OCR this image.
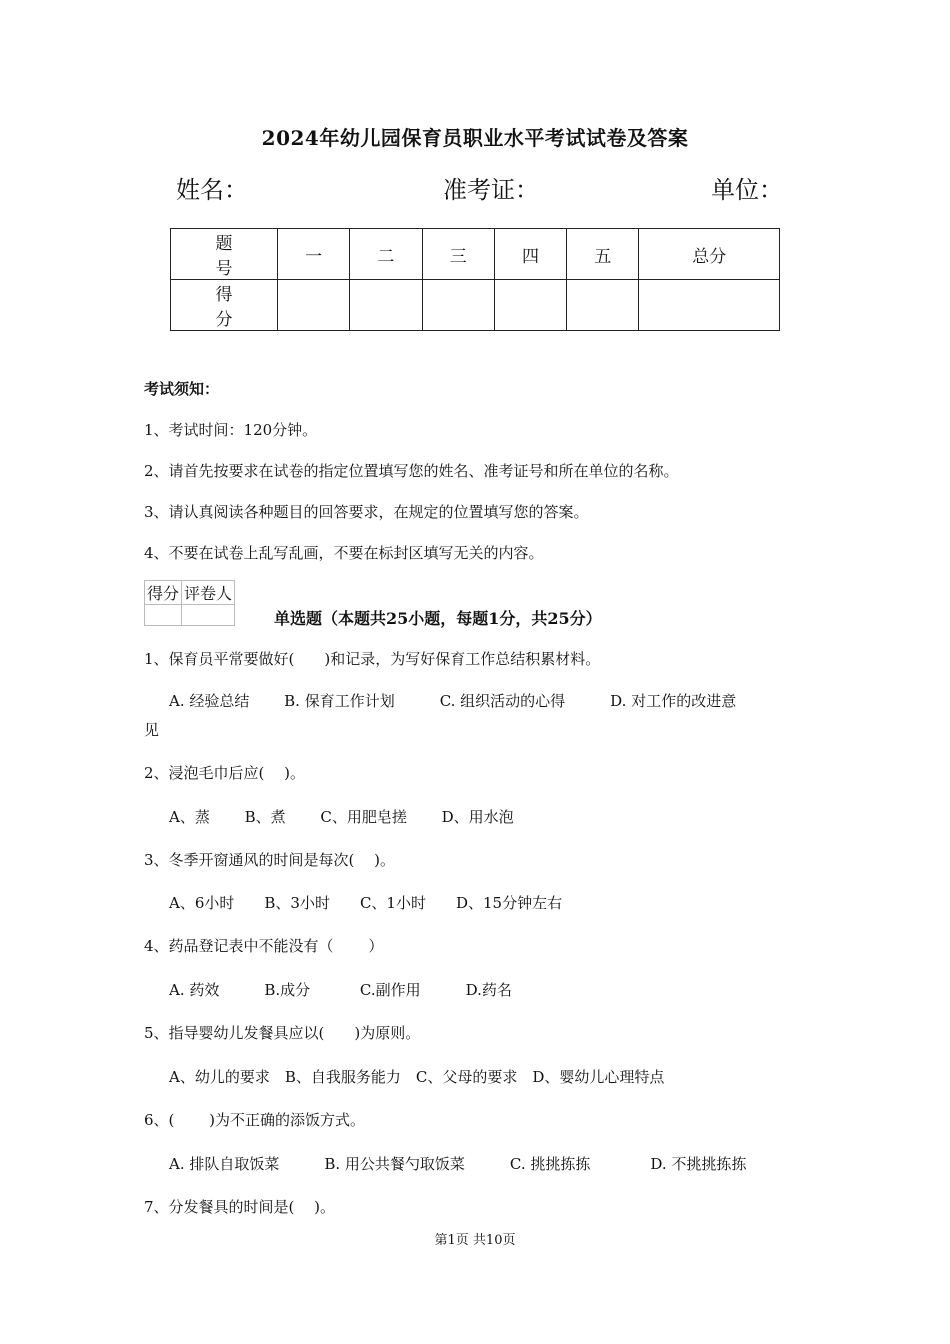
2024年幼儿园保育员职业水平考试试卷及答案
姓名：	准考证：	单位：
题　号	一	二	三	四	五	总分
得　分						
考试须知：
1、考试时间：120分钟。
2、请首先按要求在试卷的指定位置填写您的姓名、准考证号和所在单位的名称。
3、请认真阅读各种题目的回答要求，在规定的位置填写您的答案。
4、不要在试卷上乱写乱画，不要在标封区填写无关的内容。
得分	评卷人

单选题（本题共25小题，每题1分，共25分）
1、保育员平常要做好(　　)和记录，为写好保育工作总结积累材料。
A. 经验总结　　 B. 保育工作计划　　　C. 组织活动的心得　　　D. 对工作的改进意
见
2、浸泡毛巾后应(　 )。
A、蒸　　 B、煮　　 C、用肥皂搓　　 D、用水泡
3、冬季开窗通风的时间是每次(　 )。
A、6小时　　B、3小时　　C、1小时　　D、15分钟左右
4、药品登记表中不能没有（　　 ）
A. 药效　　　B.成分　　　 C.副作用　　　D.药名
5、指导婴幼儿发餐具应以(　　)为原则。
A、幼儿的要求　B、自我服务能力　C、父母的要求　D、婴幼儿心理特点
6、(　　 )为不正确的添饭方式。
A. 排队自取饭菜　　　B. 用公共餐勺取饭菜　　　C. 挑挑拣拣　　　　D. 不挑挑拣拣
7、分发餐具的时间是(　 )。
第1页 共10页
